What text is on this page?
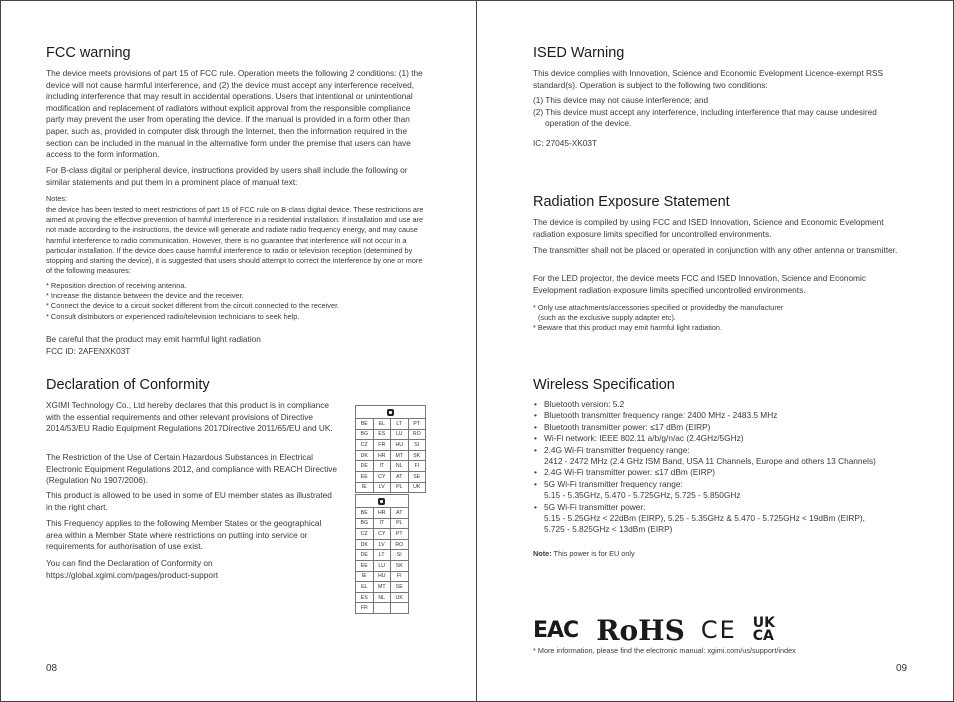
FCC warning

The device meets provisions of part 15 of FCC rule. Operation meets the following 2 conditions: (1) the device will not cause harmful interference, and (2) the device must accept any interference received, including interference that may result in accidental operations. Users that intentional or unintentional modification and replacement of radiators without explicit approval from the responsible compliance party may prevent the user from operating the device. If the manual is provided in a form other than paper, such as, provided in computer disk through the Internet, then the information required in the section can be included in the manual in the alternative form under the premise that users can have access to the form information.

For B-class digital or peripheral device, instructions provided by users shall include the following or similar statements and put them in a prominent place of manual text:

Notes:

the device has been tested to meet restrictions of part 15 of FCC rule on B-class digital device. These restrictions are aimed at proving the effective prevention of harmful interference in a residential installation. If installation and use are not made according to the instructions, the device will generate and radiate radio frequency energy, and may cause harmful interference to radio communication. However, there is no guarantee that interference will not occur in a particular installation. If the device does cause harmful interference to radio or television reception (determined by stopping and starting the device), it is suggested that users should attempt to correct the interference by one or more of the following measures:

* Reposition direction of receiving antenna.
* Increase the distance between the device and the receiver.
* Connect the device to a circuit socket different from the circuit connected to the receiver.
* Consult distributors or experienced radio/television technicians to seek help.

Be careful that the product may emit harmful light radiation

FCC ID: 2AFENXK03T

Declaration of Conformity

XGIMI Technology Co., Ltd hereby declares that this product is in compliance with the essential requirements and other relevant provisions of Directive 2014/53/EU Radio Equipment Regulations 2017Directive 2011/65/EU and UK.

The Restriction of the Use of Certain Hazardous Substances in Electrical Electronic Equipment Regulations 2012, and compliance with REACH Directive (Regulation No 1907/2006).

This product is allowed to be used in some of EU member states as illustrated in the right chart.

This Frequency applies to the following Member States or the geographical area within a Member State where restrictions on putting into service or requirements for authorisation of use exist.

You can find the Declaration of Conformity on

https://global.xgimi.com/pages/product-support

BE	EL	LT	PT
BG	ES	LU	RO
CZ	FR	HU	SI
DK	HR	MT	SK
DE	IT	NL	FI
EE	CY	AT	SE
IE	LV	PL	UK

BE	HR	AT
BG	IT	PL
CZ	CY	PT
DK	LV	RO
DE	LT	SI
EE	LU	SK
IE	HU	FI
EL	MT	SE
ES	NL	UK
FR		
08
ISED Warning

This device complies with Innovation, Science and Economic Evelopment Licence-exempt RSS standard(s). Operation is subject to the following two conditions:

(1) This device may not cause interference; and
(2) This device must accept any interference, including interference that may cause undesired operation of the device.

IC: 27045-XK03T

Radiation Exposure Statement

The device is compiled by using FCC and ISED Innovation, Science and Economic Evelopment radiation exposure limits specified for uncontrolled environments.

The transmitter shall not be placed or operated in conjunction with any other antenna or transmitter.

For the LED projector, the device meets FCC and ISED Innovation, Science and Economic Evelopment radiation exposure limits specified uncontrolled environments.

* Only use attachments/accessories specified or providedby the manufacturer

(such as the exclusive supply adapter etc).

* Beware that this product may emit harmful light radiation.

Wireless Specification
• Bluetooth version: 5.2
• Bluetooth transmitter frequency range: 2400 MHz - 2483.5 MHz
• Bluetooth transmitter power: ≤17 dBm (EIRP)
• Wi-Fi network: IEEE 802.11 a/b/g/n/ac (2.4GHz/5GHz)
• 2.4G Wi-Fi transmitter frequency range:
2412 - 2472 MHz (2.4 GHz ISM Band, USA 11 Channels, Europe and others 13 Channels)
• 2.4G Wi-Fi transmitter power: ≤17 dBm (EIRP)
• 5G Wi-Fi transmitter frequency range:
5.15 - 5.35GHz, 5.470 - 5.725GHz, 5.725 - 5.850GHz
• 5G Wi-Fi transmitter power:
5.15 - 5.25GHz < 22dBm (EIRP), 5.25 - 5.35GHz & 5.470 - 5.725GHz < 19dBm (EIRP),
5.725 - 5.825GHz < 13dBm (EIRP)

Note: This power is for EU only

EAC RoHS CE UK
CA

* More information, please find the electronic manual: xgimi.com/us/support/index

09
